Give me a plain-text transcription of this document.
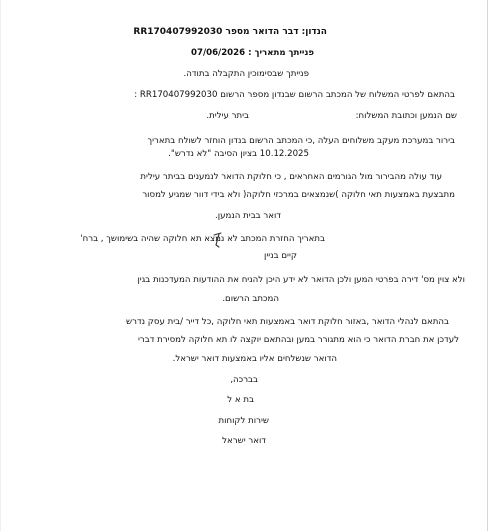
הנדון: דבר הדואר מספר RR170407992030
פנייתך מתאריך : 07/06/2026
פנייתך שבסימוכין התקבלה בתודה.
בהתאם לפרטי המשלוח של המכתב הרשום שבנדון מספר הרשום RR170407992030 :
שם הנמען וכתובת המשלוח:
ביתר עילית.
בירור במערכת מעקב משלוחים העלה ,כי המכתב הרשום בנדון הוחזר לשולח בתאריך
10.12.2025 בציון הסיבה "לא נדרש".
עוד עולה מהבירור מול הגורמים האחראים , כי חלוקת הדואר לנמענים בביתר עילית
מתבצעת באמצעות תאי חלוקה )שנמצאים במרכזי חלוקה( ולא בידי דוור שמגיע למסור
דואר בבית הנמען.
בתאריך החזרת המכתב לא נמצא תא חלוקה שהיה בשימושך , ברח'
קיים בניין
ולא צוין מס' דירה בפרטי המען ולכן הדואר לא ידע היכן להניח את ההודעות המעדכנות בגין
המכתב הרשום.
בהתאם לנהלי הדואר ,באזור חלוקת דואר באמצעות תאי חלוקה ,כל דייר /בית עסק נדרש
לעדכן את חברת הדואר כי הוא מתגורר במען ובהתאם יוקצה לו תא חלוקה למסירת דברי
הדואר שנשלחים אליו באמצעות דואר ישראל.
בברכה,
בת א ל
שירות לקוחות
דואר ישראל
